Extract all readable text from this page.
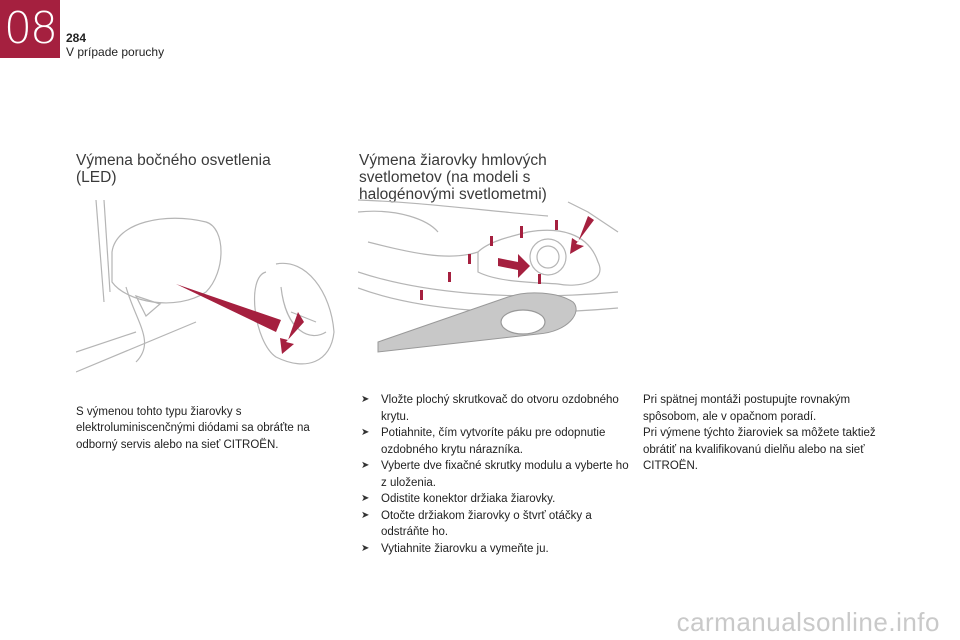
08 284
V prípade poruchy
Výmena bočného osvetlenia (LED)
Výmena žiarovky hmlových svetlometov (na modeli s halogénovými svetlometmi)

S výmenou tohto typu žiarovky s elektroluminiscenčnými diódami sa obráťte na odborný servis alebo na sieť CITROËN.

➤ Vložte plochý skrutkovač do otvoru ozdobného krytu.
➤ Potiahnite, čím vytvoríte páku pre odopnutie ozdobného krytu nárazníka.
➤ Vyberte dve fixačné skrutky modulu a vyberte ho z uloženia.
➤ Odistite konektor držiaka žiarovky.
➤ Otočte držiakom žiarovky o štvrť otáčky a odstráňte ho.
➤ Vytiahnite žiarovku a vymeňte ju.

Pri spätnej montáži postupujte rovnakým spôsobom, ale v opačnom poradí.

Pri výmene týchto žiaroviek sa môžete taktiež obrátiť na kvalifikovanú dielňu alebo na sieť CITROËN.

carmanualsonline.info
